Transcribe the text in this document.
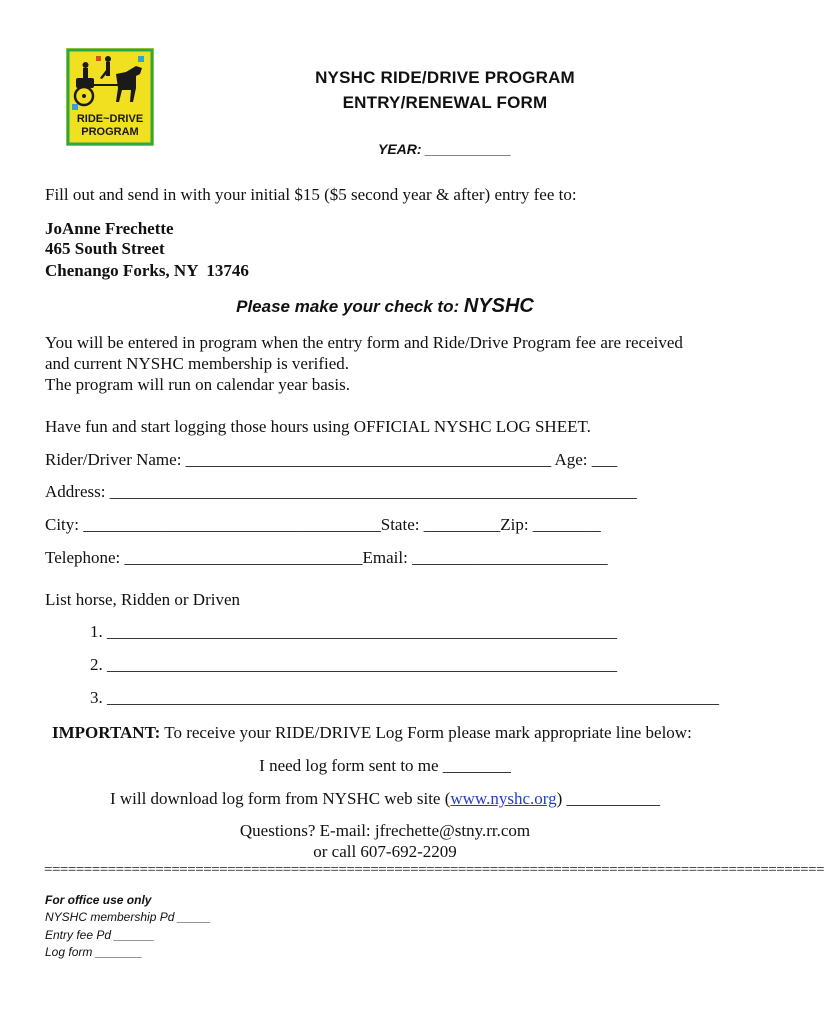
RIDE~DRIVE
PROGRAM
NYSHC RIDE/DRIVE PROGRAM
ENTRY/RENEWAL FORM
YEAR: ___________
Fill out and send in with your initial $15 ($5 second year & after) entry fee to:
JoAnne Frechette
465 South Street
Chenango Forks, NY  13746
Please make your check to: NYSHC
You will be entered in program when the entry form and Ride/Drive Program fee are received
and current NYSHC membership is verified.
The program will run on calendar year basis.
Have fun and start logging those hours using OFFICIAL NYSHC LOG SHEET.
Rider/Driver Name: ___________________________________________ Age: ___
Address: ______________________________________________________________
City: ___________________________________State: _________Zip: ________
Telephone: ____________________________Email: _______________________
List horse, Ridden or Driven
1. ____________________________________________________________
2. ____________________________________________________________
3. ________________________________________________________________________
IMPORTANT: To receive your RIDE/DRIVE Log Form please mark appropriate line below:
I need log form sent to me ________
I will download log form from NYSHC web site (www.nyshc.org) ___________
Questions? E-mail: jfrechette@stny.rr.com
or call 607-692-2209
==================================================================================================
For office use only
NYSHC membership Pd _____
Entry fee Pd ______
Log form _______
